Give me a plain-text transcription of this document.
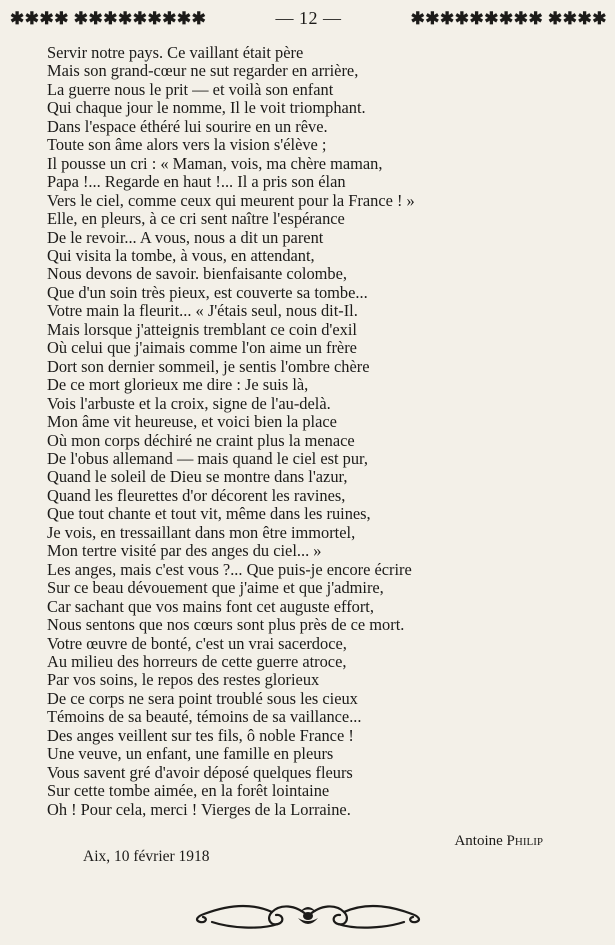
✱✱✱✱ ✱✱✱✱✱✱✱✱✱	— 12 —	✱✱✱✱✱✱✱✱✱ ✱✱✱✱
Servir notre pays. Ce vaillant était père
Mais son grand-cœur ne sut regarder en arrière,
La guerre nous le prit — et voilà son enfant
Qui chaque jour le nomme, Il le voit triomphant.
Dans l'espace éthéré lui sourire en un rêve.
Toute son âme alors vers la vision s'élève ;
Il pousse un cri : « Maman, vois, ma chère maman,
Papa !... Regarde en haut !... Il a pris son élan
Vers le ciel, comme ceux qui meurent pour la France ! »
Elle, en pleurs, à ce cri sent naître l'espérance
De le revoir... A vous, nous a dit un parent
Qui visita la tombe, à vous, en attendant,
Nous devons de savoir. bienfaisante colombe,
Que d'un soin très pieux, est couverte sa tombe...
Votre main la fleurit... « J'étais seul, nous dit-Il.
Mais lorsque j'atteignis tremblant ce coin d'exil
Où celui que j'aimais comme l'on aime un frère
Dort son dernier sommeil, je sentis l'ombre chère
De ce mort glorieux me dire : Je suis là,
Vois l'arbuste et la croix, signe de l'au-delà.
Mon âme vit heureuse, et voici bien la place
Où mon corps déchiré ne craint plus la menace
De l'obus allemand — mais quand le ciel est pur,
Quand le soleil de Dieu se montre dans l'azur,
Quand les fleurettes d'or décorent les ravines,
Que tout chante et tout vit, même dans les ruines,
Je vois, en tressaillant dans mon être immortel,
Mon tertre visité par des anges du ciel... »
Les anges, mais c'est vous ?... Que puis-je encore écrire
Sur ce beau dévouement que j'aime et que j'admire,
Car sachant que vos mains font cet auguste effort,
Nous sentons que nos cœurs sont plus près de ce mort.
Votre œuvre de bonté, c'est un vrai sacerdoce,
Au milieu des horreurs de cette guerre atroce,
Par vos soins, le repos des restes glorieux
De ce corps ne sera point troublé sous les cieux
Témoins de sa beauté, témoins de sa vaillance...
Des anges veillent sur tes fils, ô noble France !
Une veuve, un enfant, une famille en pleurs
Vous savent gré d'avoir déposé quelques fleurs
Sur cette tombe aimée, en la forêt lointaine
Oh ! Pour cela, merci ! Vierges de la Lorraine.
Antoine Philip
Aix, 10 février 1918
